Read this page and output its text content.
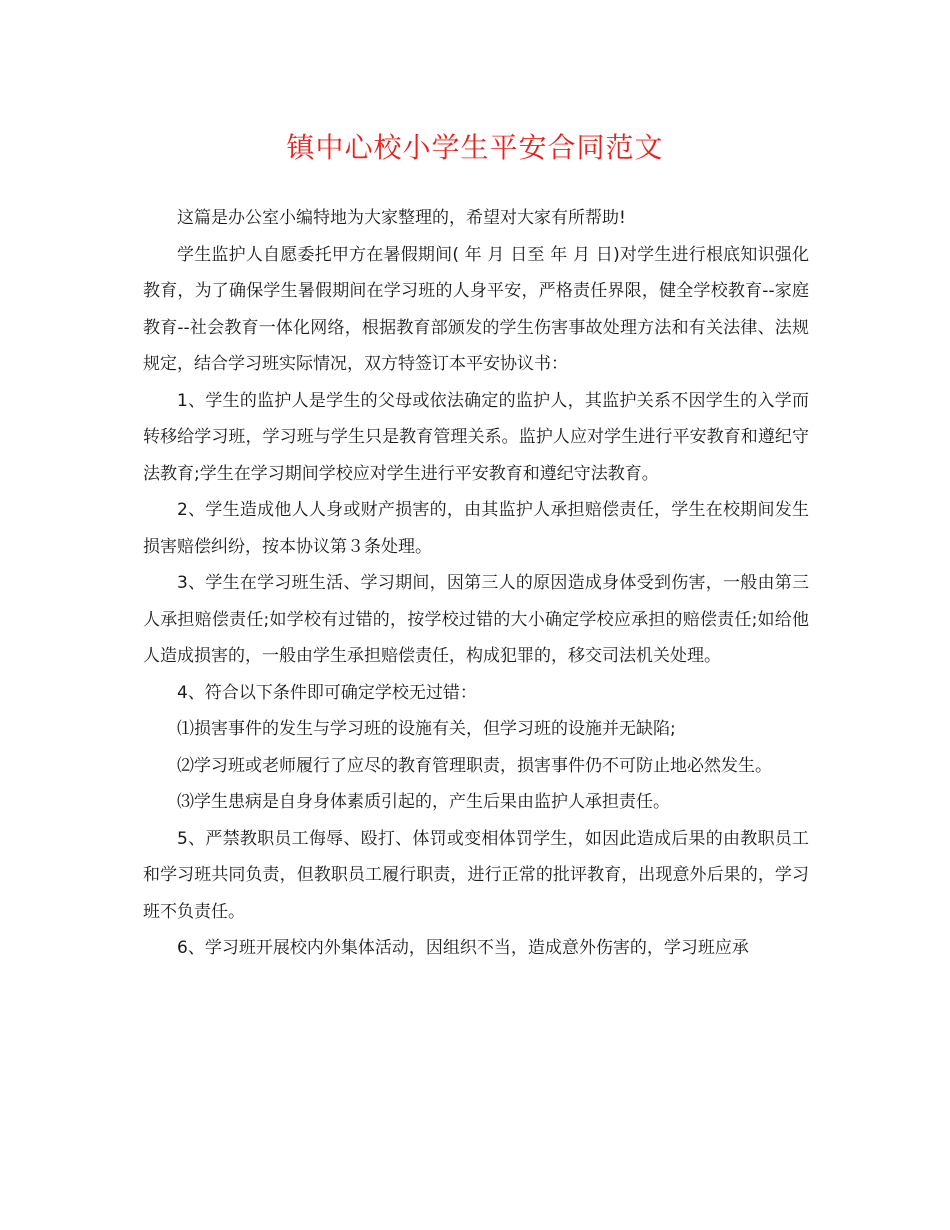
镇中心校小学生平安合同范文

这篇是办公室小编特地为大家整理的，希望对大家有所帮助!

学生监护人自愿委托甲方在暑假期间( 年 月 日至 年 月 日)对学生进行根底知识强化教育，为了确保学生暑假期间在学习班的人身平安，严格责任界限，健全学校教育--家庭教育--社会教育一体化网络，根据教育部颁发的学生伤害事故处理方法和有关法律、法规规定，结合学习班实际情况，双方特签订本平安协议书：

1、学生的监护人是学生的父母或依法确定的监护人，其监护关系不因学生的入学而转移给学习班，学习班与学生只是教育管理关系。监护人应对学生进行平安教育和遵纪守法教育;学生在学习期间学校应对学生进行平安教育和遵纪守法教育。

2、学生造成他人人身或财产损害的，由其监护人承担赔偿责任，学生在校期间发生损害赔偿纠纷，按本协议第３条处理。

3、学生在学习班生活、学习期间，因第三人的原因造成身体受到伤害，一般由第三人承担赔偿责任;如学校有过错的，按学校过错的大小确定学校应承担的赔偿责任;如给他人造成损害的，一般由学生承担赔偿责任，构成犯罪的，移交司法机关处理。

4、符合以下条件即可确定学校无过错：

⑴损害事件的发生与学习班的设施有关，但学习班的设施并无缺陷;

⑵学习班或老师履行了应尽的教育管理职责，损害事件仍不可防止地必然发生。

⑶学生患病是自身身体素质引起的，产生后果由监护人承担责任。

5、严禁教职员工侮辱、殴打、体罚或变相体罚学生，如因此造成后果的由教职员工和学习班共同负责，但教职员工履行职责，进行正常的批评教育，出现意外后果的，学习班不负责任。

6、学习班开展校内外集体活动，因组织不当，造成意外伤害的，学习班应承
